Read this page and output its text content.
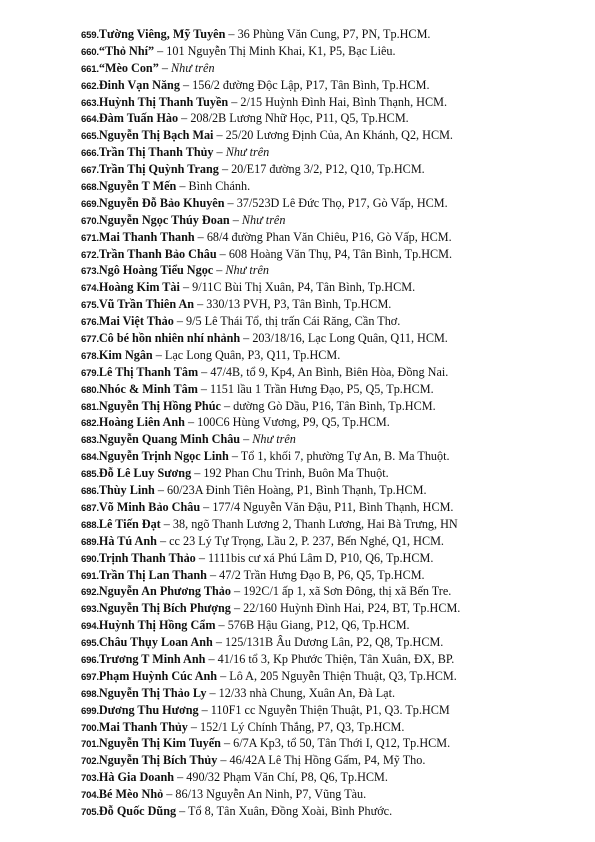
659.Tường Viêng, Mỹ Tuyên – 36 Phùng Văn Cung, P7, PN, Tp.HCM.
660.“Thỏ Nhí” – 101 Nguyễn Thị Minh Khai, K1, P5, Bạc Liêu.
661.“Mèo Con” – Như trên
662.Đinh Vạn Năng – 156/2 đường Độc Lập, P17, Tân Bình, Tp.HCM.
663.Huỳnh Thị Thanh Tuyền – 2/15 Huỳnh Đình Hai, Bình Thạnh, HCM.
664.Đàm Tuấn Hào – 208/2B Lương Nhữ Học, P11, Q5, Tp.HCM.
665.Nguyễn Thị Bạch Mai – 25/20 Lương Định Của, An Khánh, Q2, HCM.
666.Trần Thị Thanh Thủy – Như trên
667.Trần Thị Quỳnh Trang – 20/E17 đường 3/2, P12, Q10, Tp.HCM.
668.Nguyễn T Mến – Bình Chánh.
669.Nguyễn Đỗ Bảo Khuyên – 37/523D Lê Đức Thọ, P17, Gò Vấp, HCM.
670.Nguyễn Ngọc Thúy Đoan – Như trên
671.Mai Thanh Thanh – 68/4 đường Phan Văn Chiêu, P16, Gò Vấp, HCM.
672.Trần Thanh Bảo Châu – 608 Hoàng Văn Thụ, P4, Tân Bình, Tp.HCM.
673.Ngô Hoàng Tiểu Ngọc – Như trên
674.Hoàng Kim Tài – 9/11C Bùi Thị Xuân, P4, Tân Bình, Tp.HCM.
675.Vũ Trần Thiên An – 330/13 PVH, P3, Tân Bình, Tp.HCM.
676.Mai Việt Thảo – 9/5 Lê Thái Tổ, thị trấn Cái Răng, Cần Thơ.
677.Cô bé hồn nhiên nhí nhảnh – 203/18/16, Lạc Long Quân, Q11, HCM.
678.Kim Ngân – Lạc Long Quân, P3, Q11, Tp.HCM.
679.Lê Thị Thanh Tâm – 47/4B, tổ 9, Kp4, An Bình, Biên Hòa, Đồng Nai.
680.Nhóc & Minh Tâm – 1151 lầu 1 Trần Hưng Đạo, P5, Q5, Tp.HCM.
681.Nguyễn Thị Hồng Phúc – dường Gò Dầu, P16, Tân Bình, Tp.HCM.
682.Hoàng Liên Anh – 100C6 Hùng Vương, P9, Q5, Tp.HCM.
683.Nguyễn Quang Minh Châu – Như trên
684.Nguyễn Trịnh Ngọc Linh – Tổ 1, khối 7, phường Tự An, B. Ma Thuột.
685.Đỗ Lê Luy Sương – 192 Phan Chu Trinh, Buôn Ma Thuột.
686.Thùy Linh – 60/23A Đinh Tiên Hoàng, P1, Bình Thạnh, Tp.HCM.
687.Võ Minh Bảo Châu – 177/4 Nguyễn Văn Đậu, P11, Bình Thạnh, HCM.
688.Lê Tiến Đạt – 38, ngõ Thanh Lương 2, Thanh Lương, Hai Bà Trưng, HN
689.Hà Tú Anh – cc 23 Lý Tự Trọng, Lầu 2, P. 237, Bến Nghé, Q1, HCM.
690.Trịnh Thanh Thảo – 1111bis cư xá Phú Lâm D, P10, Q6, Tp.HCM.
691.Trần Thị Lan Thanh – 47/2 Trần Hưng Đạo B, P6, Q5, Tp.HCM.
692.Nguyễn An Phương Thảo – 192C/1 ấp 1, xã Sơn Đông, thị xã Bến Tre.
693.Nguyễn Thị Bích Phượng – 22/160 Huỳnh Đình Hai, P24, BT, Tp.HCM.
694.Huỳnh Thị Hồng Cẩm – 576B Hậu Giang, P12, Q6, Tp.HCM.
695.Châu Thụy Loan Anh – 125/131B Âu Dương Lân, P2, Q8, Tp.HCM.
696.Trương T Minh Anh – 41/16 tổ 3, Kp Phước Thiện, Tân Xuân, ĐX, BP.
697.Phạm Huỳnh Cúc Anh – Lô A, 205 Nguyễn Thiện Thuật, Q3, Tp.HCM.
698.Nguyễn Thị Thảo Ly – 12/33 nhà Chung, Xuân An, Đà Lạt.
699.Dương Thu Hương – 110F1 cc Nguyễn Thiện Thuật, P1, Q3. Tp.HCM
700.Mai Thanh Thủy – 152/1 Lý Chính Thắng, P7, Q3, Tp.HCM.
701.Nguyễn Thị Kim Tuyến – 6/7A Kp3, tổ 50, Tân Thới I, Q12, Tp.HCM.
702.Nguyễn Thị Bích Thủy – 46/42A Lê Thị Hồng Gấm, P4, Mỹ Tho.
703.Hà Gia Doanh – 490/32 Phạm Văn Chí, P8, Q6, Tp.HCM.
704.Bé Mèo Nhỏ – 86/13 Nguyễn An Ninh, P7, Vũng Tàu.
705.Đỗ Quốc Dũng – Tổ 8, Tân Xuân, Đồng Xoài, Bình Phước.
